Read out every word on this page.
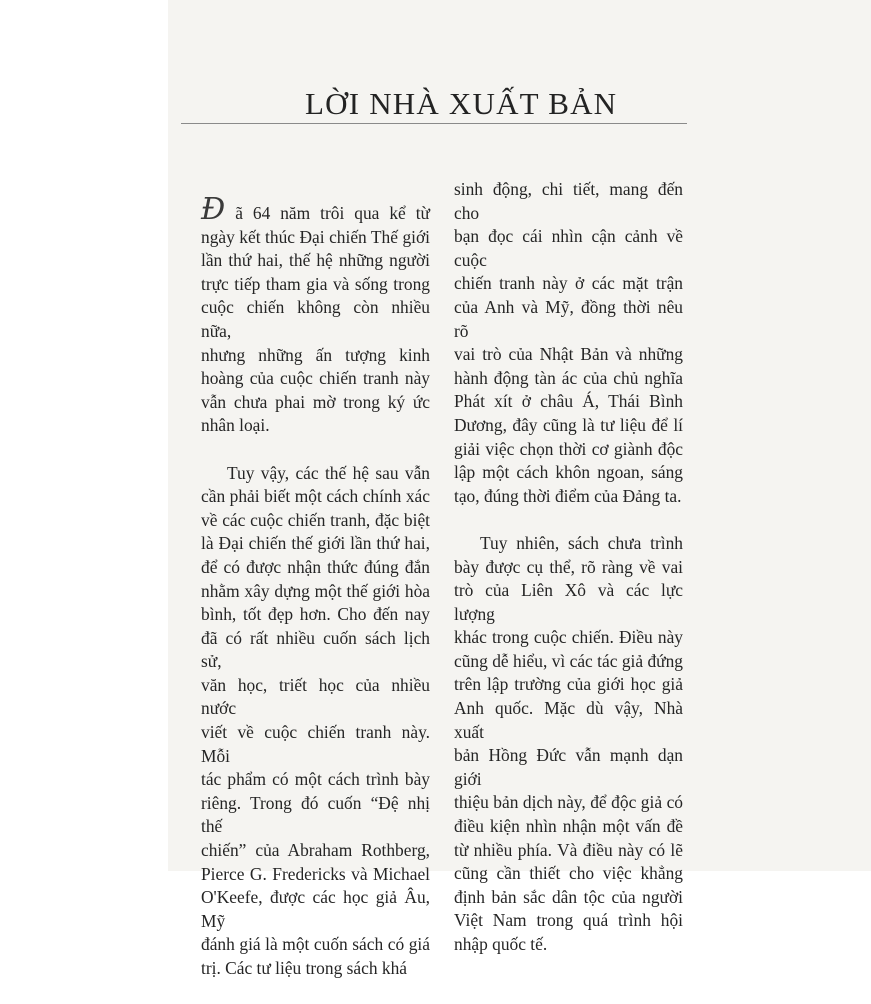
LỜI NHÀ XUẤT BẢN

Đ ã 64 năm trôi qua kể từ

ngày kết thúc Đại chiến Thế giới
lần thứ hai, thế hệ những người
trực tiếp tham gia và sống trong
cuộc chiến không còn nhiều nữa,
nhưng những ấn tượng kinh
hoàng của cuộc chiến tranh này
vẫn chưa phai mờ trong ký ức
nhân loại.

Tuy vậy, các thế hệ sau vẫn
cần phải biết một cách chính xác
về các cuộc chiến tranh, đặc biệt
là Đại chiến thế giới lần thứ hai,
để có được nhận thức đúng đắn
nhằm xây dựng một thế giới hòa
bình, tốt đẹp hơn. Cho đến nay
đã có rất nhiều cuốn sách lịch sử,
văn học, triết học của nhiều nước
viết về cuộc chiến tranh này. Mỗi
tác phẩm có một cách trình bày
riêng. Trong đó cuốn “Đệ nhị thế
chiến” của Abraham Rothberg,
Pierce G. Fredericks và Michael
O'Keefe, được các học giả Âu, Mỹ
đánh giá là một cuốn sách có giá
trị. Các tư liệu trong sách khá

sinh động, chi tiết, mang đến cho
bạn đọc cái nhìn cận cảnh về cuộc
chiến tranh này ở các mặt trận
của Anh và Mỹ, đồng thời nêu rõ
vai trò của Nhật Bản và những
hành động tàn ác của chủ nghĩa
Phát xít ở châu Á, Thái Bình
Dương, đây cũng là tư liệu để lí
giải việc chọn thời cơ giành độc
lập một cách khôn ngoan, sáng
tạo, đúng thời điểm của Đảng ta.

Tuy nhiên, sách chưa trình
bày được cụ thể, rõ ràng về vai
trò của Liên Xô và các lực lượng
khác trong cuộc chiến. Điều này
cũng dễ hiểu, vì các tác giả đứng
trên lập trường của giới học giả
Anh quốc. Mặc dù vậy, Nhà xuất
bản Hồng Đức vẫn mạnh dạn giới
thiệu bản dịch này, để độc giả có
điều kiện nhìn nhận một vấn đề
từ nhiều phía. Và điều này có lẽ
cũng cần thiết cho việc khẳng
định bản sắc dân tộc của người
Việt Nam trong quá trình hội
nhập quốc tế.
